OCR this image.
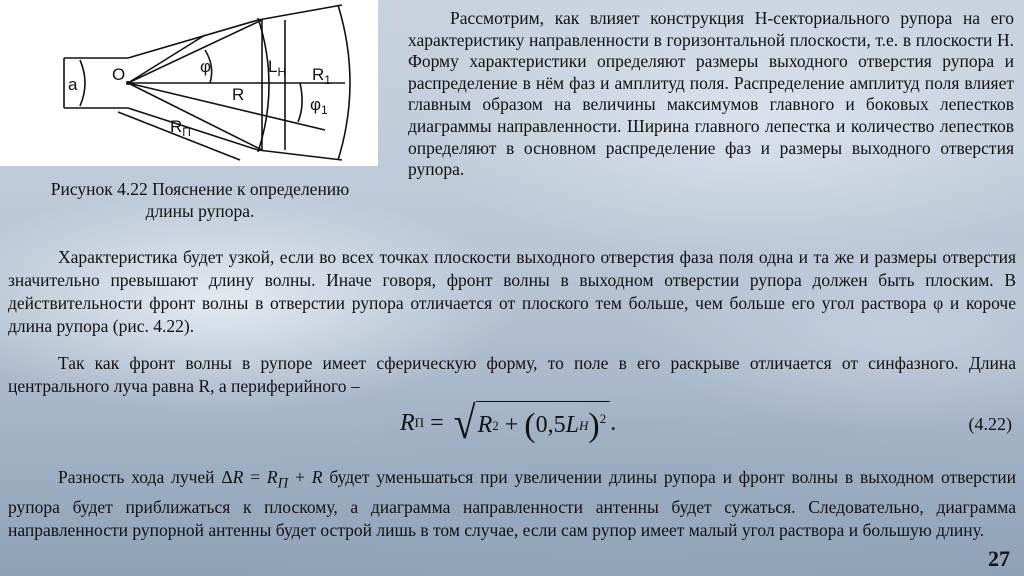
a
O	φ
R
$L_H$ $R_1$
$\varphi_1$
$R_П$
Рисунок 4.22 Пояснение к определению длины рупора.
Рассмотрим, как влияет конструкция Н-секториального рупора на его характеристику направленности в горизонтальной плоскости, т.е. в плоскости Н. Форму характеристики определяют размеры выходного отверстия рупора и распределение в нём фаз и амплитуд поля. Распределение амплитуд поля влияет главным образом на величины максимумов главного и боковых лепестков диаграммы направленности. Ширина главного лепестка и количество лепестков определяют в основном распределение фаз и размеры выходного отверстия рупора.
Характеристика будет узкой, если во всех точках плоскости выходного отверстия фаза поля одна и та же и размеры отверстия значительно превышают длину волны. Иначе говоря, фронт волны в выходном отверстии рупора должен быть плоским. В действительности фронт волны в отверстии рупора отличается от плоского тем больше, чем больше его угол раствора φ и короче длина рупора (рис. 4.22).
Так как фронт волны в рупоре имеет сферическую форму, то поле в его раскрыве отличается от синфазного. Длина центрального луча равна R, а периферийного –
R П = √ R 2 + ( 0,5 L H )$^2$ .	(4.22)
Разность хода лучей $\Delta R = R_П + R$ будет уменьшаться при увеличении длины рупора и фронт волны в выходном отверстии рупора будет приближаться к плоскому, а диаграмма направленности антенны будет сужаться. Следовательно, диаграмма направленности рупорной антенны будет острой лишь в том случае, если сам рупор имеет малый угол раствора и большую длину.
27
